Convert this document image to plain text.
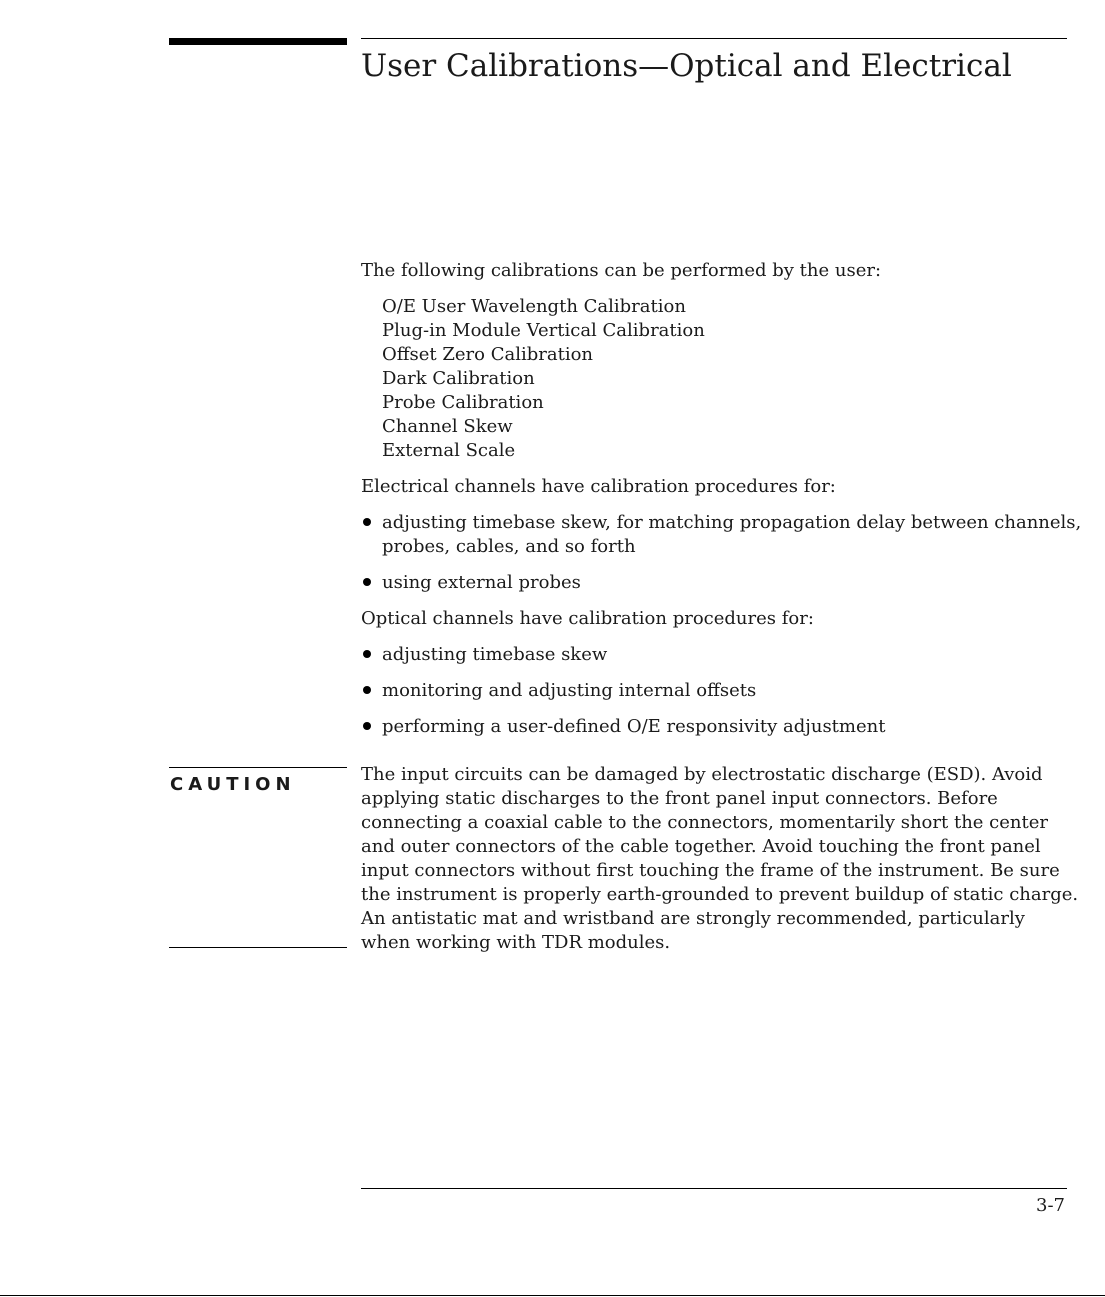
User Calibrations—Optical and Electrical
The following calibrations can be performed by the user:
O/E User Wavelength Calibration
Plug-in Module Vertical Calibration
Offset Zero Calibration
Dark Calibration
Probe Calibration
Channel Skew
External Scale
Electrical channels have calibration procedures for:
adjusting timebase skew, for matching propagation delay between channels,
probes, cables, and so forth
using external probes
Optical channels have calibration procedures for:
adjusting timebase skew
monitoring and adjusting internal offsets
performing a user-defined O/E responsivity adjustment
CAUTION	The input circuits can be damaged by electrostatic discharge (ESD). Avoid
applying static discharges to the front panel input connectors. Before
connecting a coaxial cable to the connectors, momentarily short the center
and outer connectors of the cable together. Avoid touching the front panel
input connectors without first touching the frame of the instrument. Be sure
the instrument is properly earth-grounded to prevent buildup of static charge.
An antistatic mat and wristband are strongly recommended, particularly
when working with TDR modules.
3-7
